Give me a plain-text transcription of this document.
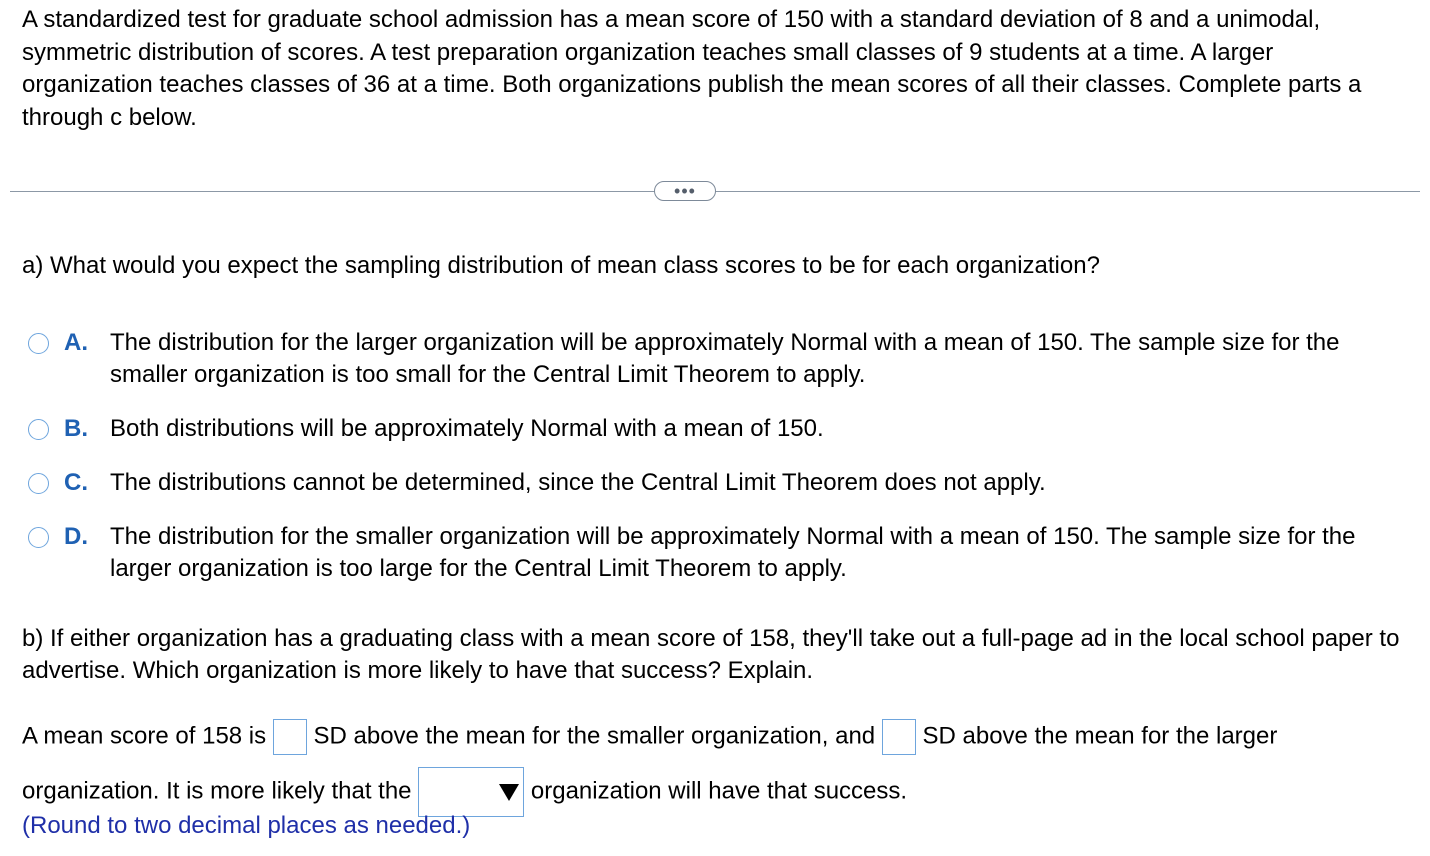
A standardized test for graduate school admission has a mean score of 150 with a standard deviation of 8 and a unimodal, symmetric distribution of scores. A test preparation organization teaches small classes of 9 students at a time. A larger organization teaches classes of 36 at a time. Both organizations publish the mean scores of all their classes. Complete parts a through c below.

•••

a) What would you expect the sampling distribution of mean class scores to be for each organization?

A. The distribution for the larger organization will be approximately Normal with a mean of 150. The sample size for the smaller organization is too small for the Central Limit Theorem to apply.
B. Both distributions will be approximately Normal with a mean of 150.
C. The distributions cannot be determined, since the Central Limit Theorem does not apply.
D. The distribution for the smaller organization will be approximately Normal with a mean of 150. The sample size for the larger organization is too large for the Central Limit Theorem to apply.

b) If either organization has a graduating class with a mean score of 158, they'll take out a full-page ad in the local school paper to advertise. Which organization is more likely to have that success? Explain.

A mean score of 158 is SD above the mean for the smaller organization, and SD above the mean for the larger
organization. It is more likely that the	organization will have that success.
(Round to two decimal places as needed.)
